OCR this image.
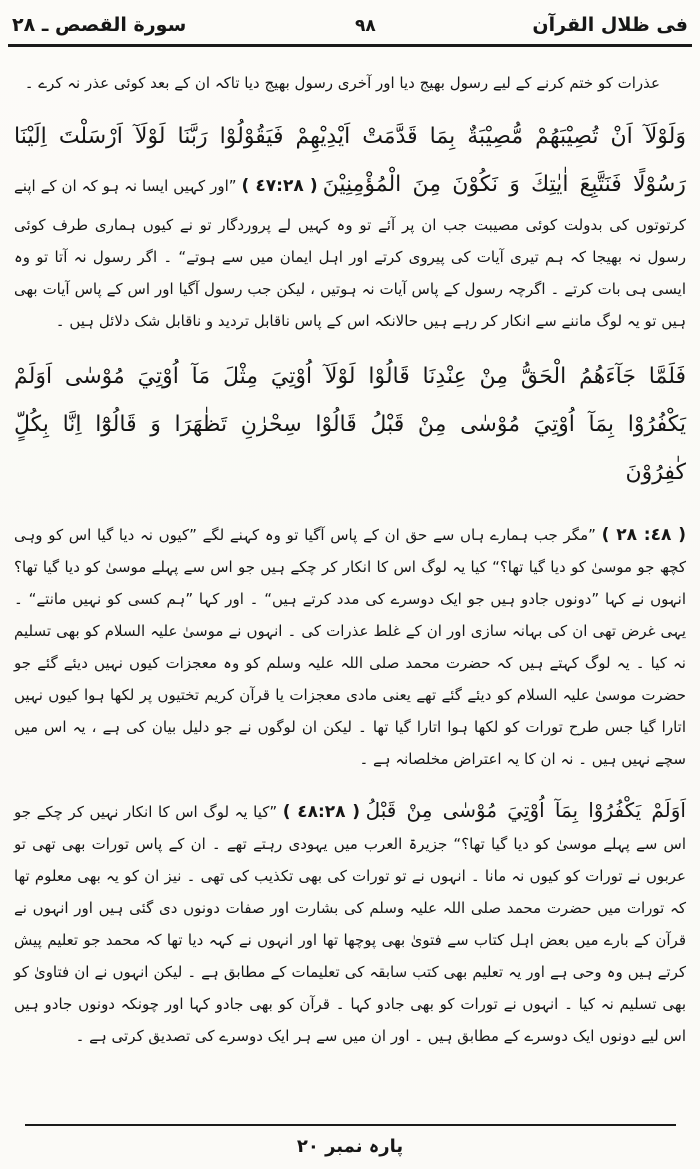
فى ظلال القرآن
٩٨
سورة القصص ـ ٢٨

عذرات کو ختم کرنے کے لیے رسول بھیج دیا اور آخری رسول بھیج دیا تاکہ ان کے بعد کوئی عذر نہ کرے ۔

وَلَوْلَآ اَنْ تُصِيْبَهُمْ مُّصِيْبَةٌ بِمَا قَدَّمَتْ اَيْدِيْهِمْ فَيَقُوْلُوْا رَبَّنَا لَوْلَآ اَرْسَلْتَ اِلَيْنَا رَسُوْلًا فَنَتَّبِعَ اٰيٰتِكَ وَ نَكُوْنَ مِنَ الْمُؤْمِنِيْنَ ( ٤٧:٢٨ ) ”اور کہیں ایسا نہ ہو کہ ان کے اپنے کرتوتوں کی بدولت کوئی مصیبت جب ان پر آئے تو وہ کہیں لے پروردگار تو نے کیوں ہماری طرف کوئی رسول نہ بھیجا کہ ہم تیری آیات کی پیروی کرتے اور اہل ایمان میں سے ہوتے“ ۔ اگر رسول نہ آتا تو وہ ایسی ہی بات کرتے ۔ اگرچہ رسول کے پاس آیات نہ ہوتیں ، لیکن جب رسول آگیا اور اس کے پاس آیات بھی ہیں تو یہ لوگ ماننے سے انکار کر رہے ہیں حالانکہ اس کے پاس ناقابل تردید و ناقابل شک دلائل ہیں ۔

فَلَمَّا جَآءَهُمُ الْحَقُّ مِنْ عِنْدِنَا قَالُوْا لَوْلَآ اُوْتِيَ مِثْلَ مَآ اُوْتِيَ مُوْسٰى اَوَلَمْ يَكْفُرُوْا بِمَآ اُوْتِيَ مُوْسٰى مِنْ قَبْلُ قَالُوْا سِحْرٰنِ تَظٰهَرَا وَ قَالُوْٓا اِنَّا بِكُلٍّ كٰفِرُوْنَ

( ٤٨: ٢٨ ) ”مگر جب ہمارے ہاں سے حق ان کے پاس آگیا تو وہ کہنے لگے ”کیوں نہ دیا گیا اس کو وہی کچھ جو موسیٰ کو دیا گیا تھا؟“ کیا یہ لوگ اس کا انکار کر چکے ہیں جو اس سے پہلے موسیٰ کو دیا گیا تھا؟ انہوں نے کہا ”دونوں جادو ہیں جو ایک دوسرے کی مدد کرتے ہیں“ ۔ اور کہا ”ہم کسی کو نہیں مانتے“ ۔ یہی غرض تھی ان کی بہانہ سازی اور ان کے غلط عذرات کی ۔ انہوں نے موسیٰ علیہ السلام کو بھی تسلیم نہ کیا ۔ یہ لوگ کہتے ہیں کہ حضرت محمد صلی اللہ علیہ وسلم کو وہ معجزات کیوں نہیں دیئے گئے جو حضرت موسیٰ علیہ السلام کو دیئے گئے تھے یعنی مادی معجزات یا قرآن کریم تختیوں پر لکھا ہوا کیوں نہیں اتارا گیا جس طرح تورات کو لکھا ہوا اتارا گیا تھا ۔ لیکن ان لوگوں نے جو دلیل بیان کی ہے ، یہ اس میں سچے نہیں ہیں ۔ نہ ان کا یہ اعتراض مخلصانہ ہے ۔

اَوَلَمْ يَكْفُرُوْا بِمَآ اُوْتِيَ مُوْسٰى مِنْ قَبْلُ ( ٤٨:٢٨ ) ”کیا یہ لوگ اس کا انکار نہیں کر چکے جو اس سے پہلے موسیٰ کو دیا گیا تھا؟“ جزیرۃ العرب میں یہودی رہتے تھے ۔ ان کے پاس تورات بھی تھی تو عربوں نے تورات کو کیوں نہ مانا ۔ انہوں نے تو تورات کی بھی تکذیب کی تھی ۔ نیز ان کو یہ بھی معلوم تھا کہ تورات میں حضرت محمد صلی اللہ علیہ وسلم کی بشارت اور صفات دونوں دی گئی ہیں اور انہوں نے قرآن کے بارے میں بعض اہل کتاب سے فتویٰ بھی پوچھا تھا اور انہوں نے کہہ دیا تھا کہ محمد جو تعلیم پیش کرتے ہیں وہ وحی ہے اور یہ تعلیم بھی کتب سابقہ کی تعلیمات کے مطابق ہے ۔ لیکن انہوں نے ان فتاویٰ کو بھی تسلیم نہ کیا ۔ انہوں نے تورات کو بھی جادو کہا ۔ قرآن کو بھی جادو کہا اور چونکہ دونوں جادو ہیں اس لیے دونوں ایک دوسرے کے مطابق ہیں ۔ اور ان میں سے ہر ایک دوسرے کی تصدیق کرتی ہے ۔

پارہ نمبر ٢٠
